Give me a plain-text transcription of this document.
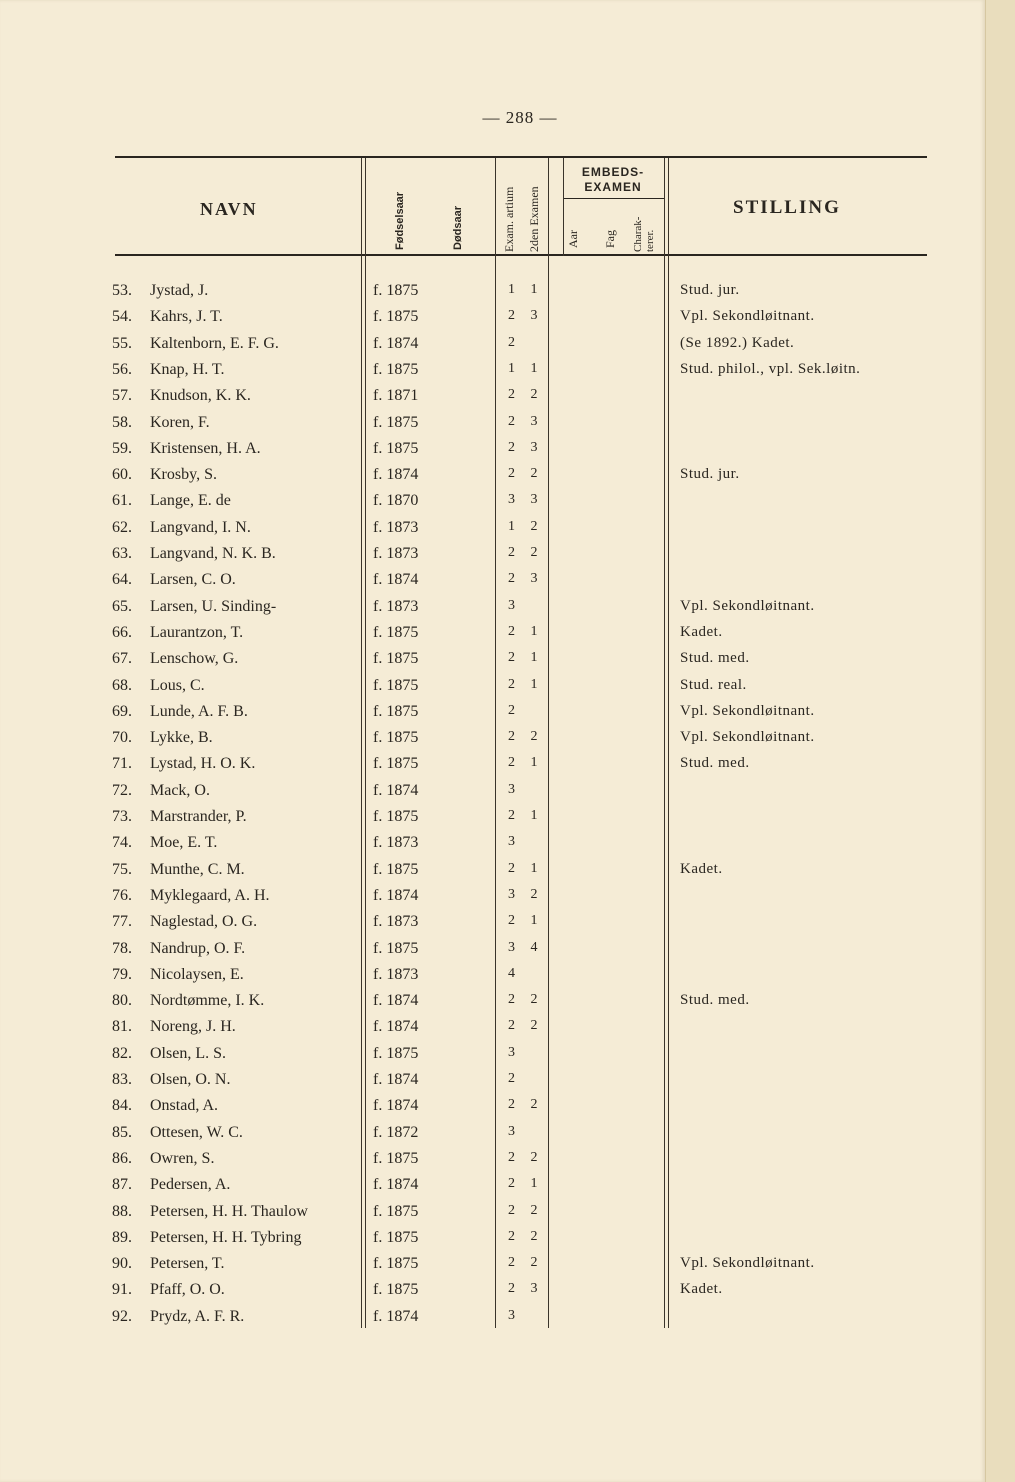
— 288 —
NAVN	Fødselsaar	Dødsaar	Exam. artium 2den Examen
EMBEDS-EXAMEN
Aar Fag Charak-terer.
STILLING
53.	Jystad, J.	f. 1875	1 1	Stud. jur.
54.	Kahrs, J. T.	f. 1875	2 3	Vpl. Sekondløitnant.
55.	Kaltenborn, E. F. G.	f. 1874	2	(Se 1892.) Kadet.
56.	Knap, H. T.	f. 1875	1 1	Stud. philol., vpl. Sek.løitn.
57.	Knudson, K. K.	f. 1871	2 2
58.	Koren, F.	f. 1875	2 3
59.	Kristensen, H. A.	f. 1875	2 3
60.	Krosby, S.	f. 1874	2 2	Stud. jur.
61.	Lange, E. de	f. 1870	3 3
62.	Langvand, I. N.	f. 1873	1 2
63.	Langvand, N. K. B.	f. 1873	2 2
64.	Larsen, C. O.	f. 1874	2 3
65.	Larsen, U. Sinding-	f. 1873	3	Vpl. Sekondløitnant.
66.	Laurantzon, T.	f. 1875	2 1	Kadet.
67.	Lenschow, G.	f. 1875	2 1	Stud. med.
68.	Lous, C.	f. 1875	2 1	Stud. real.
69.	Lunde, A. F. B.	f. 1875	2	Vpl. Sekondløitnant.
70.	Lykke, B.	f. 1875	2 2	Vpl. Sekondløitnant.
71.	Lystad, H. O. K.	f. 1875	2 1	Stud. med.
72.	Mack, O.	f. 1874	3
73.	Marstrander, P.	f. 1875	2 1
74.	Moe, E. T.	f. 1873	3
75.	Munthe, C. M.	f. 1875	2 1	Kadet.
76.	Myklegaard, A. H.	f. 1874	3 2
77.	Naglestad, O. G.	f. 1873	2 1
78.	Nandrup, O. F.	f. 1875	3 4
79.	Nicolaysen, E.	f. 1873	4
80.	Nordtømme, I. K.	f. 1874	2 2	Stud. med.
81.	Noreng, J. H.	f. 1874	2 2
82.	Olsen, L. S.	f. 1875	3
83.	Olsen, O. N.	f. 1874	2
84.	Onstad, A.	f. 1874	2 2
85.	Ottesen, W. C.	f. 1872	3
86.	Owren, S.	f. 1875	2 2
87.	Pedersen, A.	f. 1874	2 1
88.	Petersen, H. H. Thaulow	f. 1875	2 2
89.	Petersen, H. H. Tybring	f. 1875	2 2
90.	Petersen, T.	f. 1875	2 2	Vpl. Sekondløitnant.
91.	Pfaff, O. O.	f. 1875	2 3	Kadet.
92.	Prydz, A. F. R.	f. 1874	3
